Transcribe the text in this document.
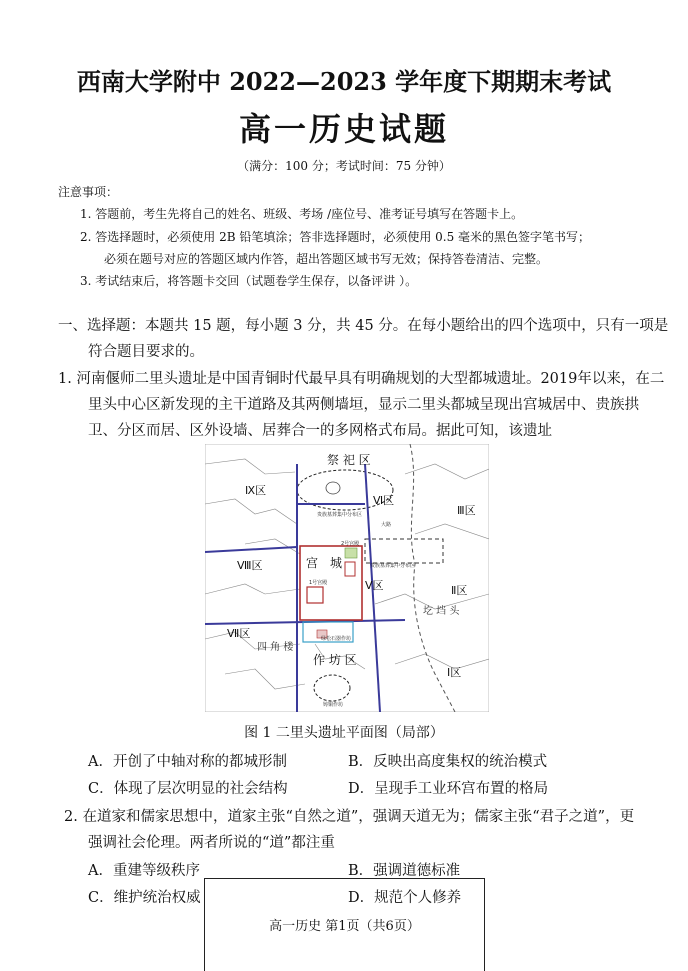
西南大学附中 2022—2023 学年度下期期末考试
高一历史试题
（满分：100 分；考试时间：75 分钟）
注意事项：
1. 答题前，考生先将自己的姓名、班级、考场 /座位号、准考证号填写在答题卡上。
2. 答选择题时，必须使用 2B 铅笔填涂；答非选择题时，必须使用 0.5 毫米的黑色签字笔书写；
必须在题号对应的答题区域内作答，超出答题区域书写无效；保持答卷清洁、完整。
3. 考试结束后，将答题卡交回（试题卷学生保存，以备评讲 ）。
一、选择题：本题共 15 题，每小题 3 分，共 45 分。在每小题给出的四个选项中，只有一项是
符合题目要求的。
1. 河南偃师二里头遗址是中国青铜时代最早具有明确规划的大型都城遗址。2019年以来，在二
里头中心区新发现的主干道路及其两侧墙垣，显示二里头都城呈现出宫城居中、贵族拱
卫、分区而居、区外设墙、居葬合一的多网格式布局。据此可知，该遗址
祭 祀 区
宫　城
作 坊 区
Ⅸ区
Ⅵ区
Ⅲ区
Ⅷ区
Ⅴ区	Ⅱ区
Ⅶ区
Ⅰ区
四 角 楼
圪 垱 头
贵族墓葬集中分布区
贵族墓葬集中分布区
绿松石器作坊
铸铜作坊
大路
1号宫殿
2号宫殿
图 1 二里头遗址平面图（局部）
A．开创了中轴对称的都城形制	B．反映出高度集权的统治模式
C．体现了层次明显的社会结构	D．呈现手工业环宫布置的格局
2. 在道家和儒家思想中，道家主张“自然之道”，强调天道无为；儒家主张“君子之道”，更
强调社会伦理。两者所说的“道”都注重
A．重建等级秩序	B．强调道德标准
C．维护统治权威	D．规范个人修养
高一历史 第1页（共6页）
